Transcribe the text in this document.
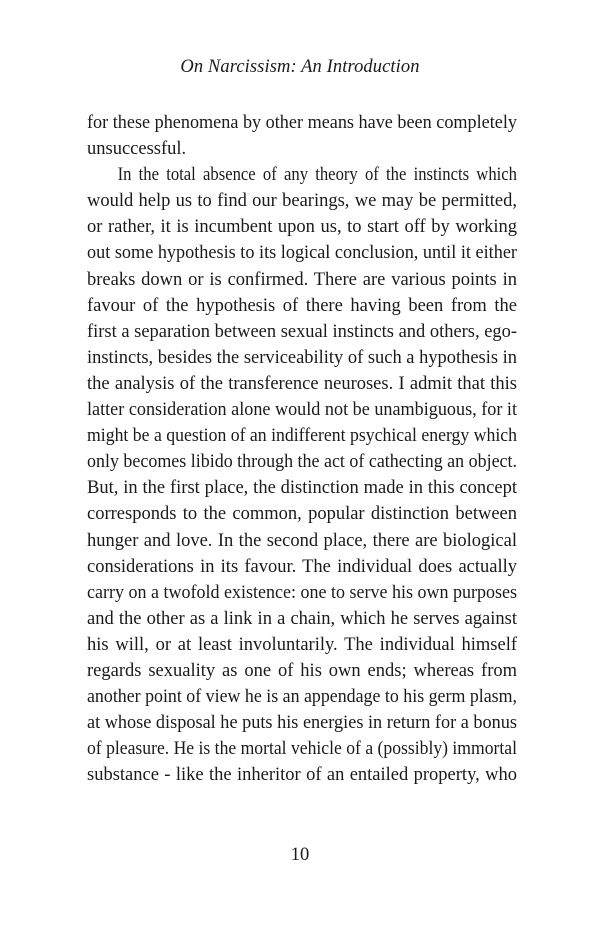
On Narcissism: An Introduction
for these phenomena by other means have been completely
unsuccessful.
In the total absence of any theory of the instincts which
would help us to find our bearings, we may be permitted,
or rather, it is incumbent upon us, to start off by working
out some hypothesis to its logical conclusion, until it either
breaks down or is confirmed. There are various points in
favour of the hypothesis of there having been from the
first a separation between sexual instincts and others, ego-
instincts, besides the serviceability of such a hypothesis in
the analysis of the transference neuroses. I admit that this
latter consideration alone would not be unambiguous, for it
might be a question of an indifferent psychical energy which
only becomes libido through the act of cathecting an object.
But, in the first place, the distinction made in this concept
corresponds to the common, popular distinction between
hunger and love. In the second place, there are biological
considerations in its favour. The individual does actually
carry on a twofold existence: one to serve his own purposes
and the other as a link in a chain, which he serves against
his will, or at least involuntarily. The individual himself
regards sexuality as one of his own ends; whereas from
another point of view he is an appendage to his germ plasm,
at whose disposal he puts his energies in return for a bonus
of pleasure. He is the mortal vehicle of a (possibly) immortal
substance - like the inheritor of an entailed property, who
10
